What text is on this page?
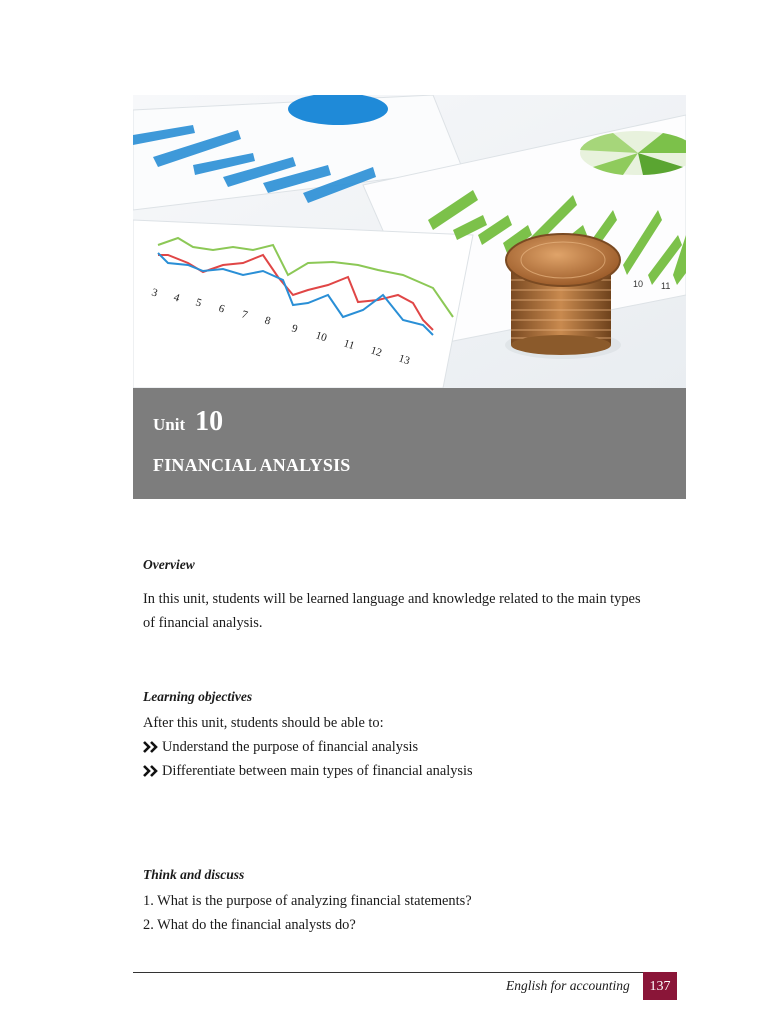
10 11
3 4 5 6 7 8
9
10
11 12
13
Unit 10
FINANCIAL ANALYSIS

Overview

In this unit, students will be learned language and knowledge related to the main types

of financial analysis.

Learning objectives

After this unit, students should be able to:

Understand the purpose of financial analysis
Differentiate between main types of financial analysis

Think and discuss

1. What is the purpose of analyzing financial statements?

2. What do the financial analysts do?

English for accounting	137
